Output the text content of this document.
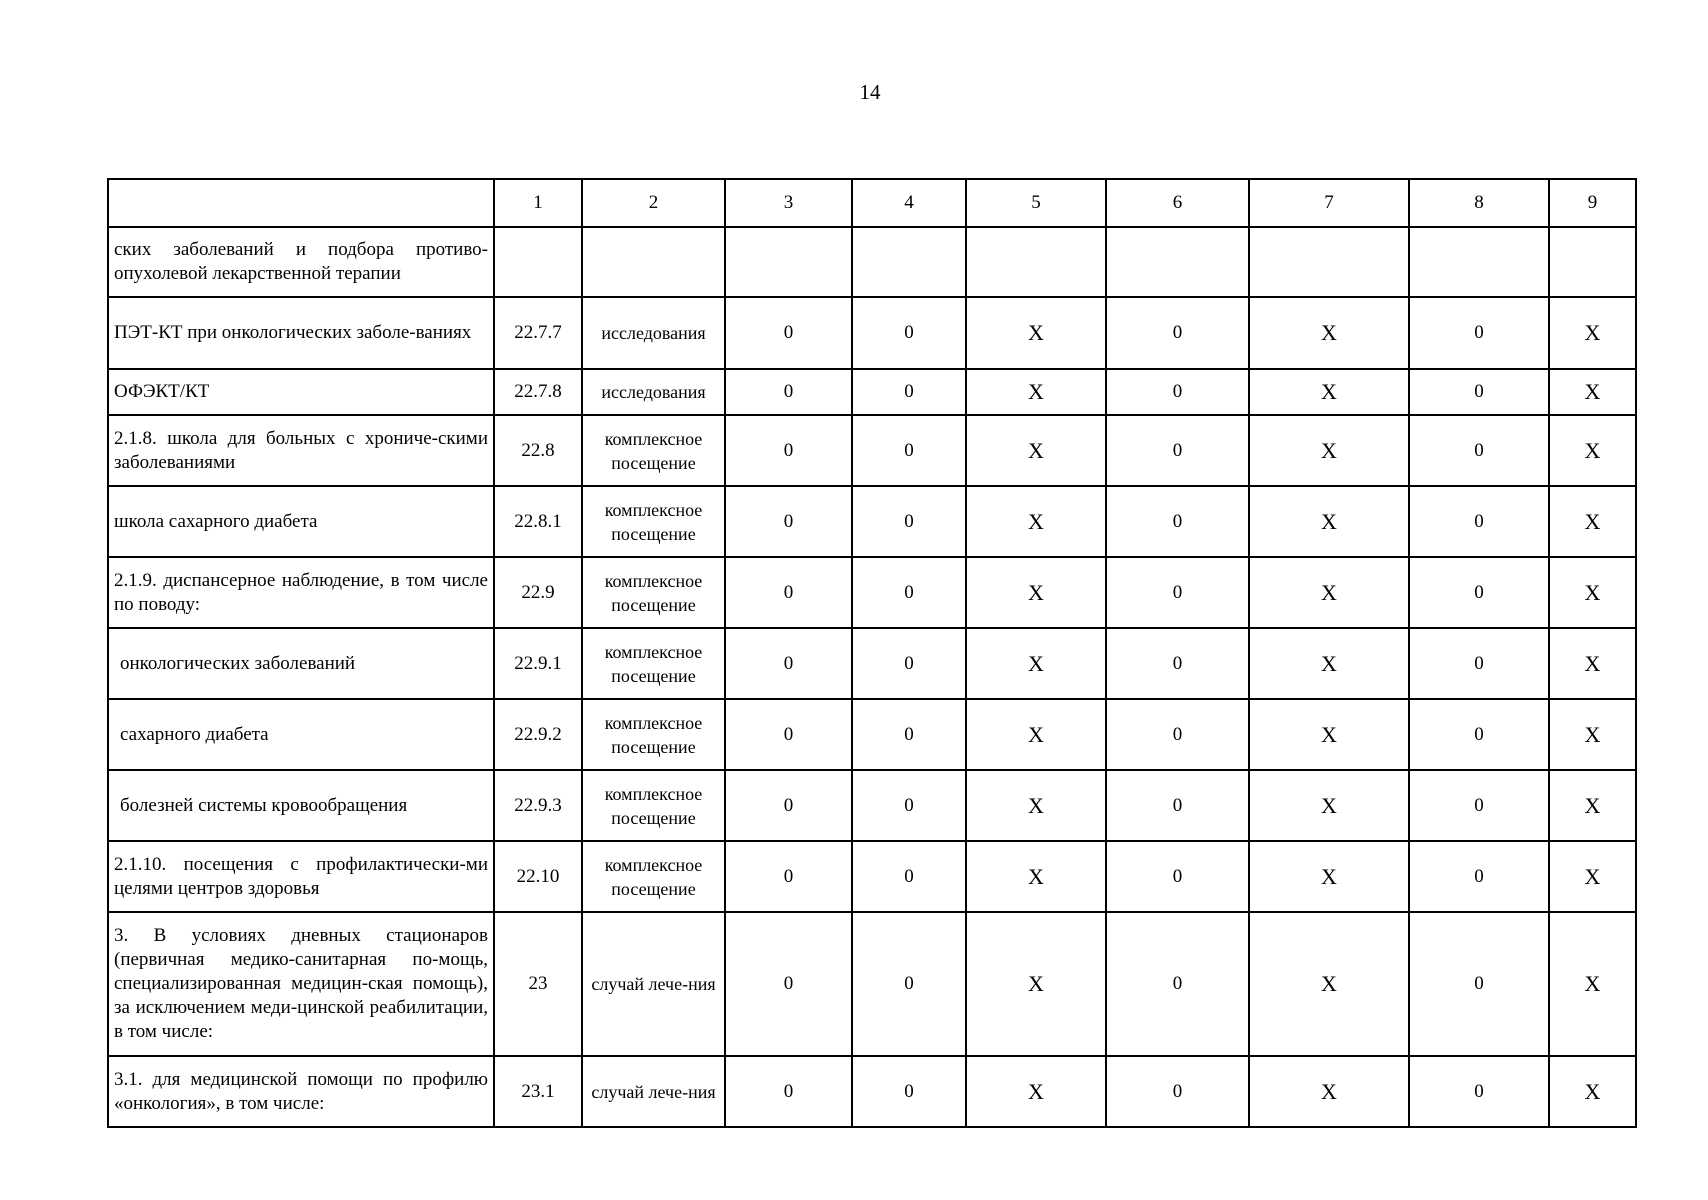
14
	1	2	3	4	5	6	7	8	9
ских заболеваний и подбора противо-опухолевой лекарственной терапии									
ПЭТ-КТ при онкологических заболе-ваниях	22.7.7	исследования	0	0	X	0	X	0	X
ОФЭКТ/КТ	22.7.8	исследования	0	0	X	0	X	0	X
2.1.8. школа для больных с хрониче-скими заболеваниями	22.8	комплексное посещение	0	0	X	0	X	0	X
школа сахарного диабета	22.8.1	комплексное посещение	0	0	X	0	X	0	X
2.1.9. диспансерное наблюдение, в том числе по поводу:	22.9	комплексное посещение	0	0	X	0	X	0	X
онкологических заболеваний	22.9.1	комплексное посещение	0	0	X	0	X	0	X
сахарного диабета	22.9.2	комплексное посещение	0	0	X	0	X	0	X
болезней системы кровообращения	22.9.3	комплексное посещение	0	0	X	0	X	0	X
2.1.10. посещения с профилактически-ми целями центров здоровья	22.10	комплексное посещение	0	0	X	0	X	0	X
3. В условиях дневных стационаров (первичная медико-санитарная по-мощь, специализированная медицин-ская помощь), за исключением меди-цинской реабилитации, в том числе:	23	случай лече-ния	0	0	X	0	X	0	X
3.1. для медицинской помощи по профилю «онкология», в том числе:	23.1	случай лече-ния	0	0	X	0	X	0	X
